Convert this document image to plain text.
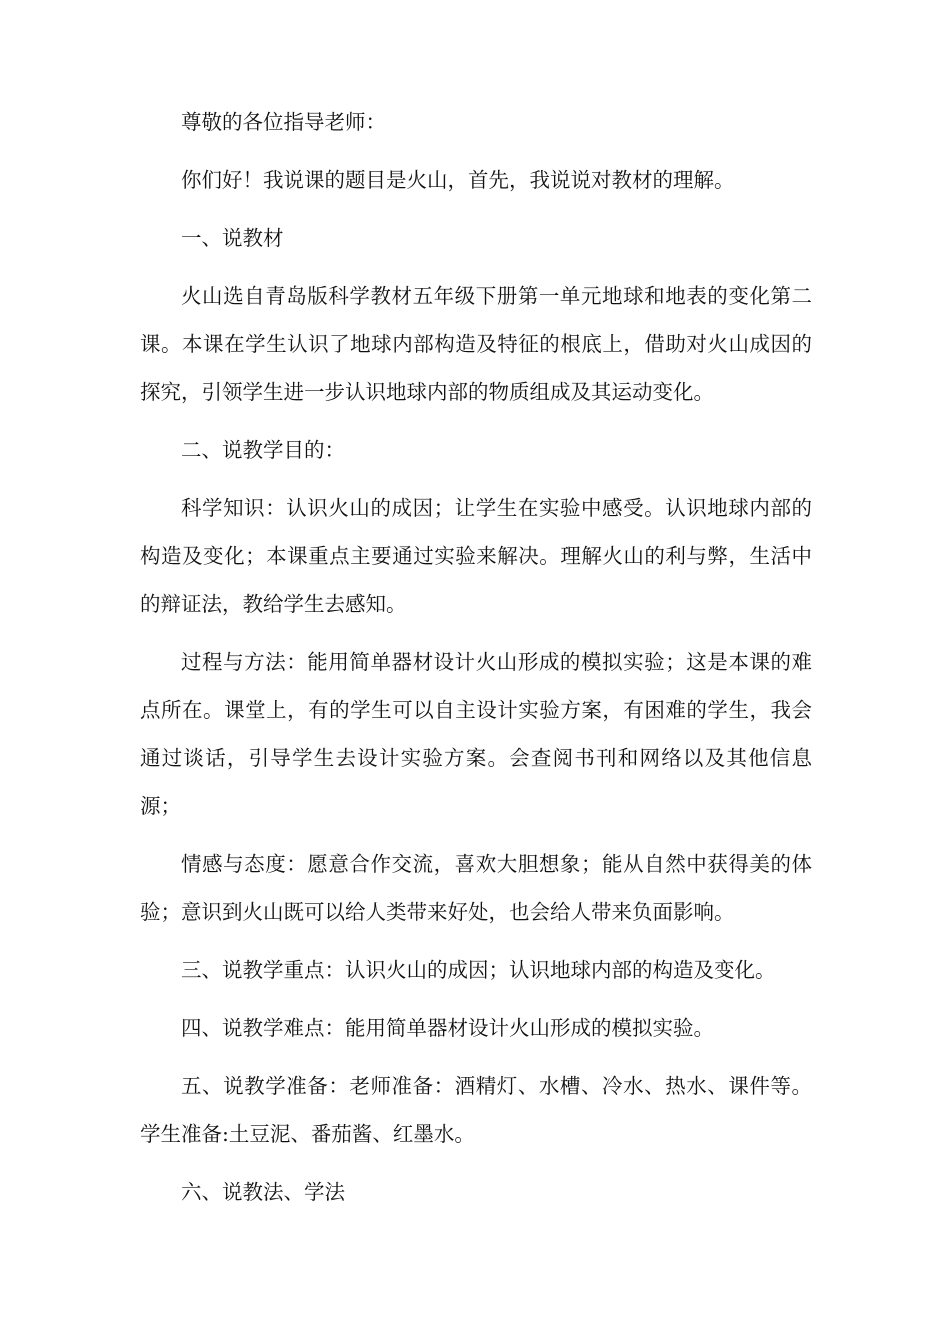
尊敬的各位指导老师：

你们好！我说课的题目是火山，首先，我说说对教材的理解。

一、说教材

火山选自青岛版科学教材五年级下册第一单元地球和地表的变化第二课。本课在学生认识了地球内部构造及特征的根底上，借助对火山成因的探究，引领学生进一步认识地球内部的物质组成及其运动变化。

二、说教学目的：

科学知识：认识火山的成因；让学生在实验中感受。认识地球内部的构造及变化；本课重点主要通过实验来解决。理解火山的利与弊，生活中的辩证法，教给学生去感知。

过程与方法：能用简单器材设计火山形成的模拟实验；这是本课的难点所在。课堂上，有的学生可以自主设计实验方案，有困难的学生，我会通过谈话，引导学生去设计实验方案。会查阅书刊和网络以及其他信息源；

情感与态度：愿意合作交流，喜欢大胆想象；能从自然中获得美的体验；意识到火山既可以给人类带来好处，也会给人带来负面影响。

三、说教学重点：认识火山的成因；认识地球内部的构造及变化。

四、说教学难点：能用简单器材设计火山形成的模拟实验。

五、说教学准备：老师准备：酒精灯、水槽、冷水、热水、课件等。学生准备:土豆泥、番茄酱、红墨水。

六、说教法、学法
